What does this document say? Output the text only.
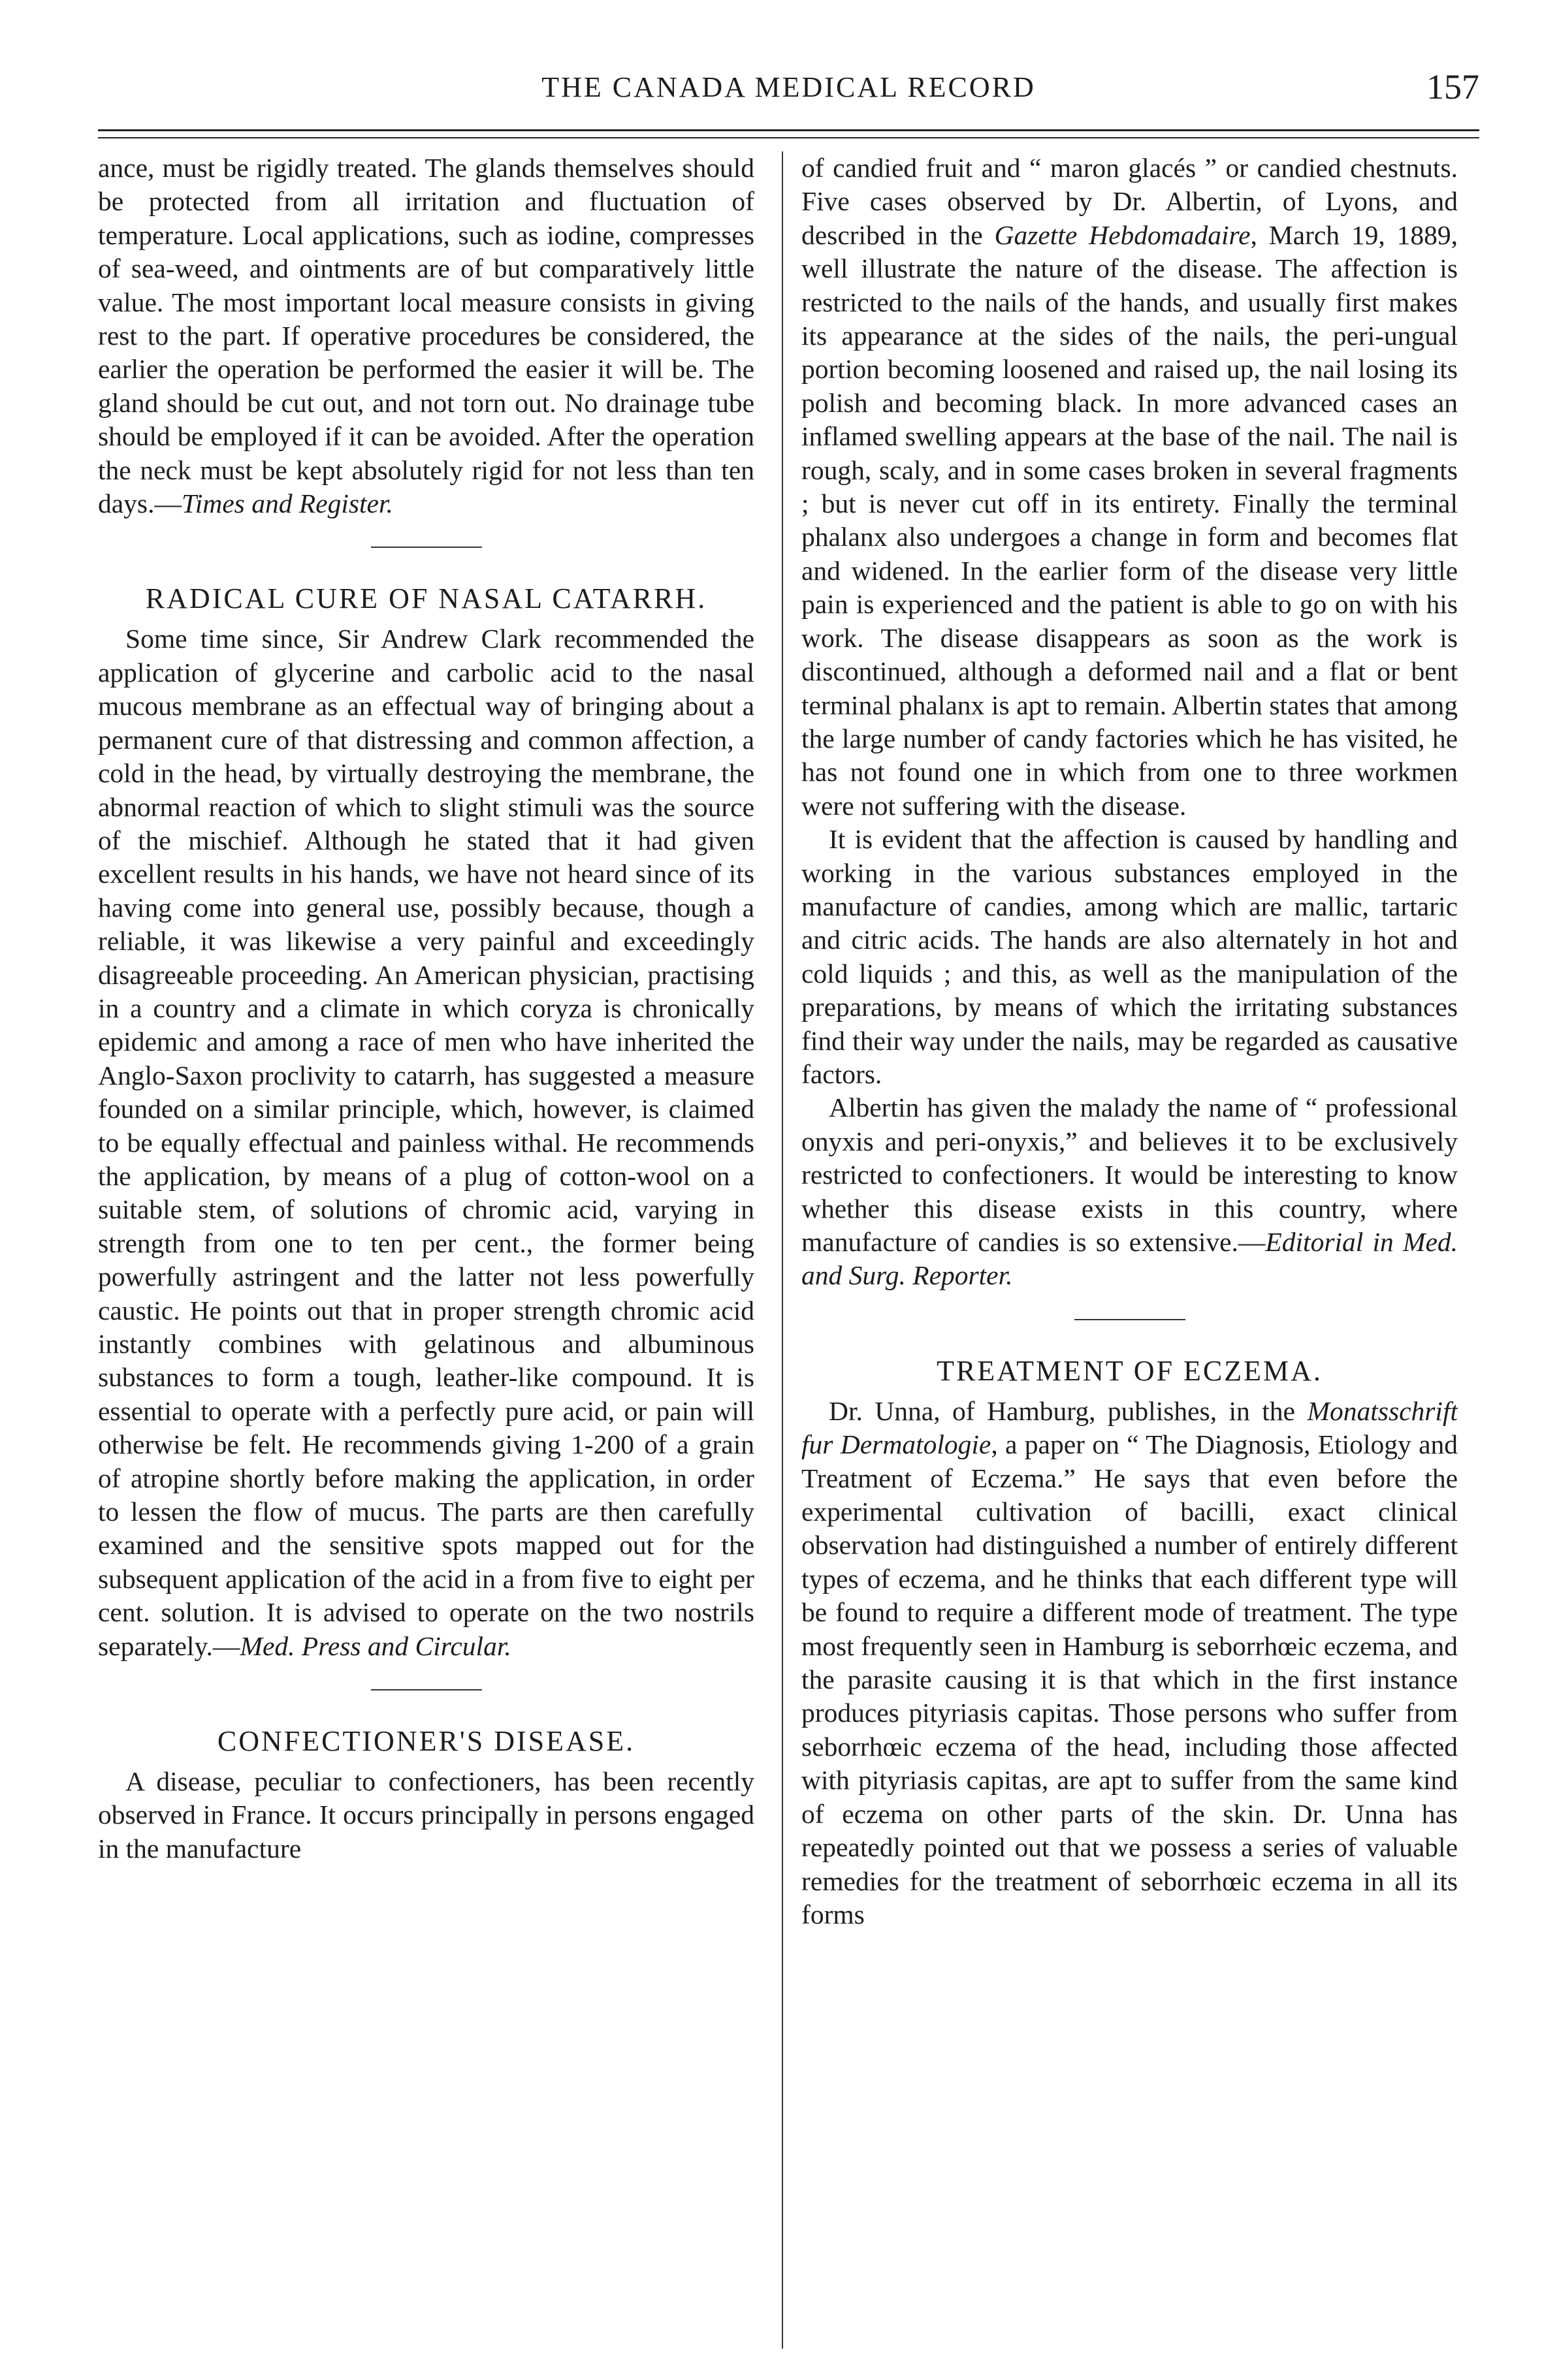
THE CANADA MEDICAL RECORD	157

ance, must be rigidly treated. The glands themselves should be protected from all irritation and fluctuation of temperature. Local applications, such as iodine, compresses of sea-weed, and ointments are of but comparatively little value. The most important local measure consists in giving rest to the part. If operative procedures be considered, the earlier the operation be performed the easier it will be. The gland should be cut out, and not torn out. No drainage tube should be employed if it can be avoided. After the operation the neck must be kept absolutely rigid for not less than ten days.—Times and Register.

RADICAL CURE OF NASAL CATARRH.

Some time since, Sir Andrew Clark recommended the application of glycerine and carbolic acid to the nasal mucous membrane as an effectual way of bringing about a permanent cure of that distressing and common affection, a cold in the head, by virtually destroying the membrane, the abnormal reaction of which to slight stimuli was the source of the mischief. Although he stated that it had given excellent results in his hands, we have not heard since of its having come into general use, possibly because, though a reliable, it was likewise a very painful and exceedingly disagreeable proceeding. An American physician, practising in a country and a climate in which coryza is chronically epidemic and among a race of men who have inherited the Anglo-Saxon proclivity to catarrh, has suggested a measure founded on a similar principle, which, however, is claimed to be equally effectual and painless withal. He recommends the application, by means of a plug of cotton-wool on a suitable stem, of solutions of chromic acid, varying in strength from one to ten per cent., the former being powerfully astringent and the latter not less powerfully caustic. He points out that in proper strength chromic acid instantly combines with gelatinous and albuminous substances to form a tough, leather-like compound. It is essential to operate with a perfectly pure acid, or pain will otherwise be felt. He recommends giving 1-200 of a grain of atropine shortly before making the application, in order to lessen the flow of mucus. The parts are then carefully examined and the sensitive spots mapped out for the subsequent application of the acid in a from five to eight per cent. solution. It is advised to operate on the two nostrils separately.—Med. Press and Circular.

CONFECTIONER'S DISEASE.

A disease, peculiar to confectioners, has been recently observed in France. It occurs principally in persons engaged in the manufacture

of candied fruit and “ maron glacés ” or candied chestnuts. Five cases observed by Dr. Albertin, of Lyons, and described in the Gazette Hebdomadaire, March 19, 1889, well illustrate the nature of the disease. The affection is restricted to the nails of the hands, and usually first makes its appearance at the sides of the nails, the peri-ungual portion becoming loosened and raised up, the nail losing its polish and becoming black. In more advanced cases an inflamed swelling appears at the base of the nail. The nail is rough, scaly, and in some cases broken in several fragments ; but is never cut off in its entirety. Finally the terminal phalanx also undergoes a change in form and becomes flat and widened. In the earlier form of the disease very little pain is experienced and the patient is able to go on with his work. The disease disappears as soon as the work is discontinued, although a deformed nail and a flat or bent terminal phalanx is apt to remain. Albertin states that among the large number of candy factories which he has visited, he has not found one in which from one to three workmen were not suffering with the disease.

It is evident that the affection is caused by handling and working in the various substances employed in the manufacture of candies, among which are mallic, tartaric and citric acids. The hands are also alternately in hot and cold liquids ; and this, as well as the manipulation of the preparations, by means of which the irritating substances find their way under the nails, may be regarded as causative factors.

Albertin has given the malady the name of “ professional onyxis and peri-onyxis,” and believes it to be exclusively restricted to confectioners. It would be interesting to know whether this disease exists in this country, where manufacture of candies is so extensive.—Editorial in Med. and Surg. Reporter.

TREATMENT OF ECZEMA.

Dr. Unna, of Hamburg, publishes, in the Monatsschrift fur Dermatologie, a paper on “ The Diagnosis, Etiology and Treatment of Eczema.” He says that even before the experimental cultivation of bacilli, exact clinical observation had distinguished a number of entirely different types of eczema, and he thinks that each different type will be found to require a different mode of treatment. The type most frequently seen in Hamburg is seborrhœic eczema, and the parasite causing it is that which in the first instance produces pityriasis capitas. Those persons who suffer from seborrhœic eczema of the head, including those affected with pityriasis capitas, are apt to suffer from the same kind of eczema on other parts of the skin. Dr. Unna has repeatedly pointed out that we possess a series of valuable remedies for the treatment of seborrhœic eczema in all its forms
